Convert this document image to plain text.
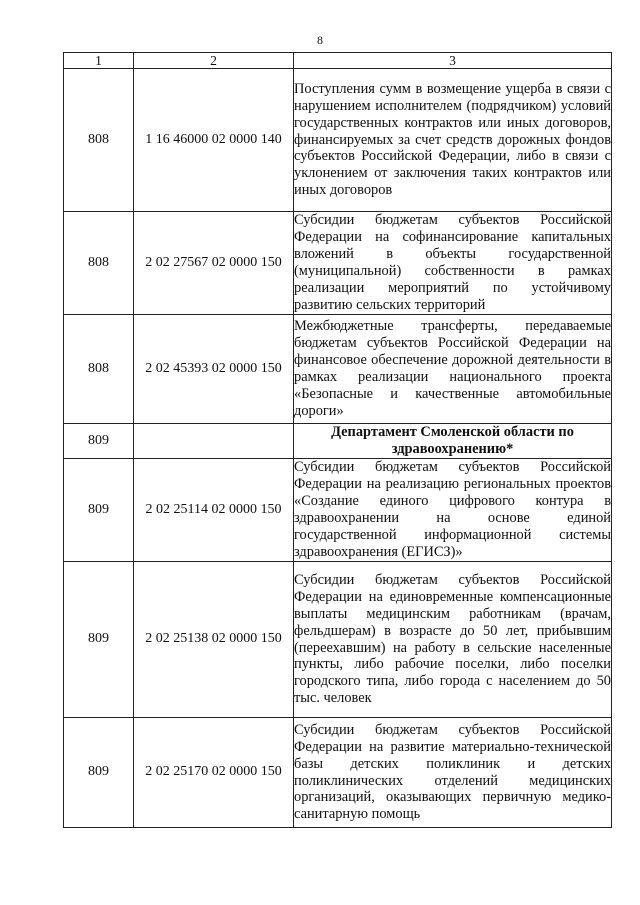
8
1	2	3
808	1 16 46000 02 0000 140	Поступления сумм в возмещение ущерба в связи с нарушением исполнителем (подрядчиком) условий государственных контрактов или иных договоров, финансируемых за счет средств дорожных фондов субъектов Российской Федерации, либо в связи с уклонением от заключения таких контрактов или иных договоров

808	2 02 27567 02 0000 150	Субсидии бюджетам субъектов Российской Федерации на софинансирование капитальных вложений в объекты государственной (муниципальной) собственности в рамках реализации мероприятий по устойчивому развитию сельских территорий

808	2 02 45393 02 0000 150	Межбюджетные трансферты, передаваемые бюджетам субъектов Российской Федерации на финансовое обеспечение дорожной деятельности в рамках реализации национального проекта «Безопасные и качественные автомобильные дороги»

809		Департамент Смоленской области по здравоохранению*
809	2 02 25114 02 0000 150	Субсидии бюджетам субъектов Российской Федерации на реализацию региональных проектов «Создание единого цифрового контура в здравоохранении на основе единой государственной информационной системы здравоохранения (ЕГИСЗ)»

809	2 02 25138 02 0000 150	Субсидии бюджетам субъектов Российской Федерации на единовременные компенсационные выплаты медицинским работникам (врачам, фельдшерам) в возрасте до 50 лет, прибывшим (переехавшим) на работу в сельские населенные пункты, либо рабочие поселки, либо поселки городского типа, либо города с населением до 50 тыс. человек

809	2 02 25170 02 0000 150	Субсидии бюджетам субъектов Российской Федерации на развитие материально-технической базы детских поликлиник и детских поликлинических отделений медицинских организаций, оказывающих первичную медико-санитарную помощь
